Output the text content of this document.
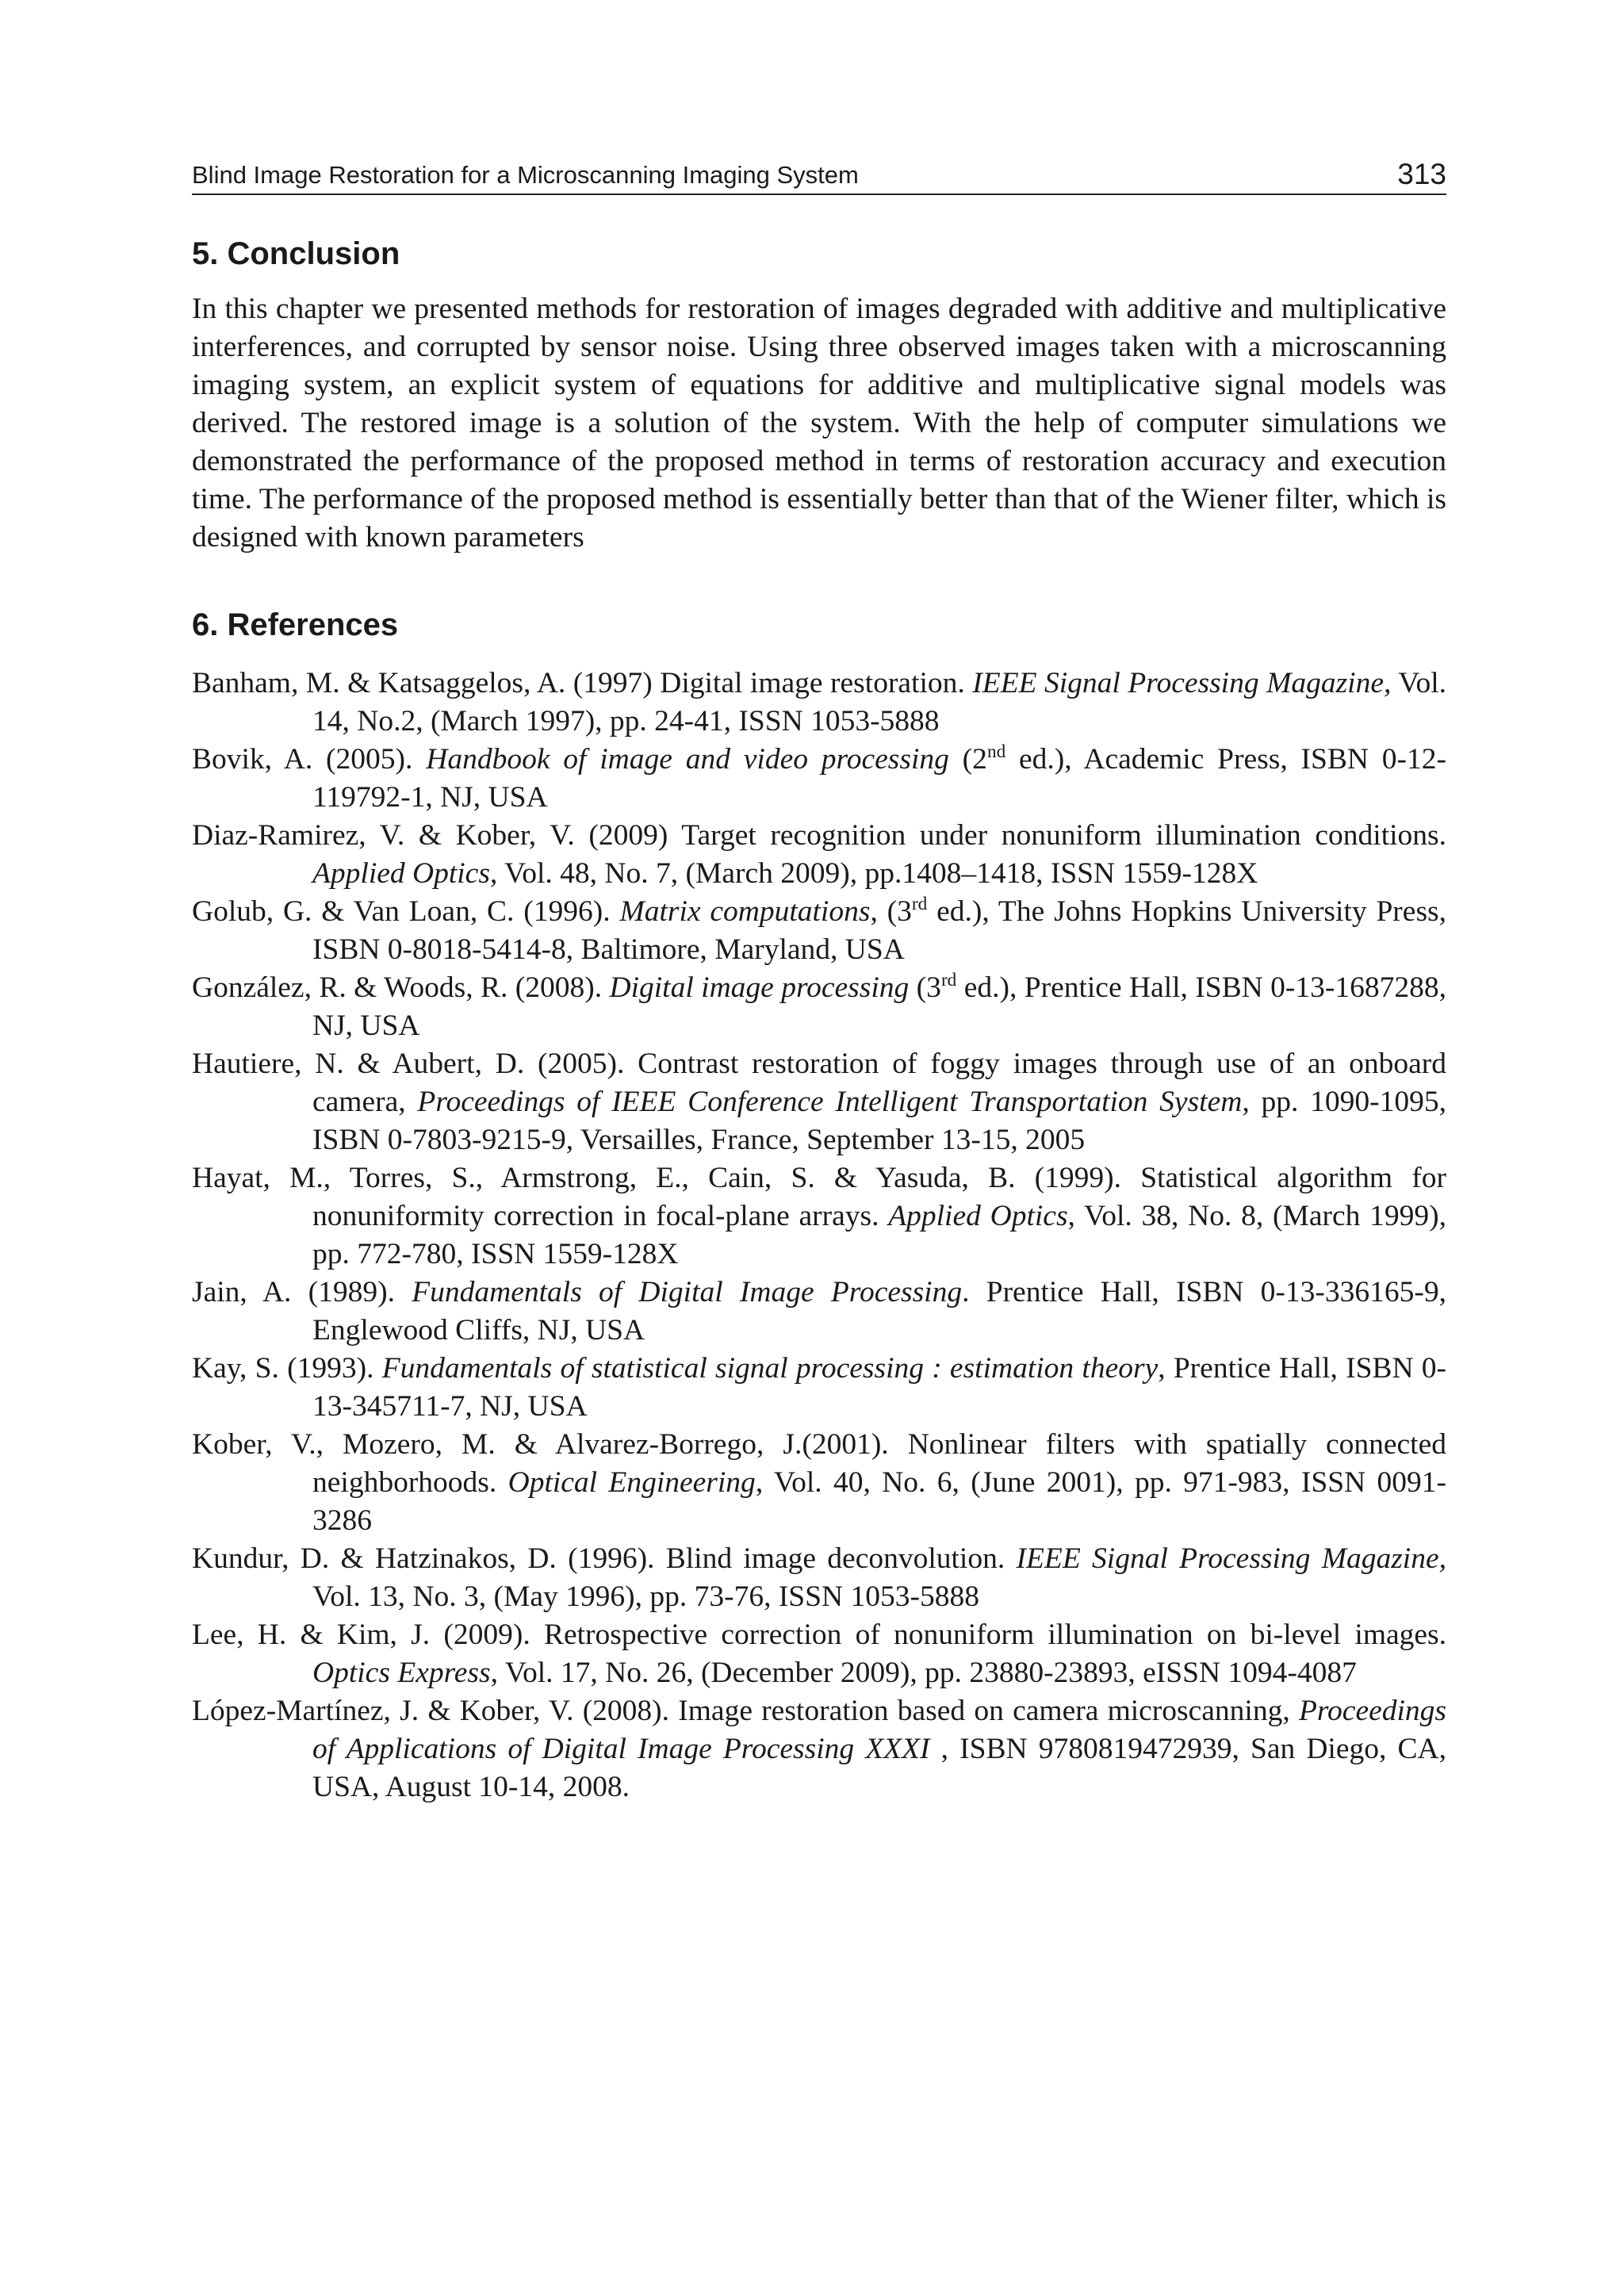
Blind Image Restoration for a Microscanning Imaging System	313
5. Conclusion

In this chapter we presented methods for restoration of images degraded with additive and multiplicative interferences, and corrupted by sensor noise. Using three observed images taken with a microscanning imaging system, an explicit system of equations for additive and multiplicative signal models was derived. The restored image is a solution of the system. With the help of computer simulations we demonstrated the performance of the proposed method in terms of restoration accuracy and execution time. The performance of the proposed method is essentially better than that of the Wiener filter, which is designed with known parameters

6. References
Banham, M. & Katsaggelos, A. (1997) Digital image restoration. IEEE Signal Processing Magazine, Vol. 14, No.2, (March 1997), pp. 24-41, ISSN 1053-5888
Bovik, A. (2005). Handbook of image and video processing (2nd ed.), Academic Press, ISBN 0-12-119792-1, NJ, USA
Diaz-Ramirez, V. & Kober, V. (2009) Target recognition under nonuniform illumination conditions. Applied Optics, Vol. 48, No. 7, (March 2009), pp.1408–1418, ISSN 1559-128X
Golub, G. & Van Loan, C. (1996). Matrix computations, (3rd ed.), The Johns Hopkins University Press, ISBN 0-8018-5414-8, Baltimore, Maryland, USA
González, R. & Woods, R. (2008). Digital image processing (3rd ed.), Prentice Hall, ISBN 0-13-1687288, NJ, USA
Hautiere, N. & Aubert, D. (2005). Contrast restoration of foggy images through use of an onboard camera, Proceedings of IEEE Conference Intelligent Transportation System, pp. 1090-1095, ISBN 0-7803-9215-9, Versailles, France, September 13-15, 2005
Hayat, M., Torres, S., Armstrong, E., Cain, S. & Yasuda, B. (1999). Statistical algorithm for nonuniformity correction in focal-plane arrays. Applied Optics, Vol. 38, No. 8, (March 1999), pp. 772-780, ISSN 1559-128X
Jain, A. (1989). Fundamentals of Digital Image Processing. Prentice Hall, ISBN 0-13-336165-9, Englewood Cliffs, NJ, USA
Kay, S. (1993). Fundamentals of statistical signal processing : estimation theory, Prentice Hall, ISBN 0-13-345711-7, NJ, USA
Kober, V., Mozero, M. & Alvarez-Borrego, J.(2001). Nonlinear filters with spatially connected neighborhoods. Optical Engineering, Vol. 40, No. 6, (June 2001), pp. 971-983, ISSN 0091-3286
Kundur, D. & Hatzinakos, D. (1996). Blind image deconvolution. IEEE Signal Processing Magazine, Vol. 13, No. 3, (May 1996), pp. 73-76, ISSN 1053-5888
Lee, H. & Kim, J. (2009). Retrospective correction of nonuniform illumination on bi-level images. Optics Express, Vol. 17, No. 26, (December 2009), pp. 23880-23893, eISSN 1094-4087
López-Martínez, J. & Kober, V. (2008). Image restoration based on camera microscanning, Proceedings of Applications of Digital Image Processing XXXI , ISBN 9780819472939, San Diego, CA, USA, August 10-14, 2008.
